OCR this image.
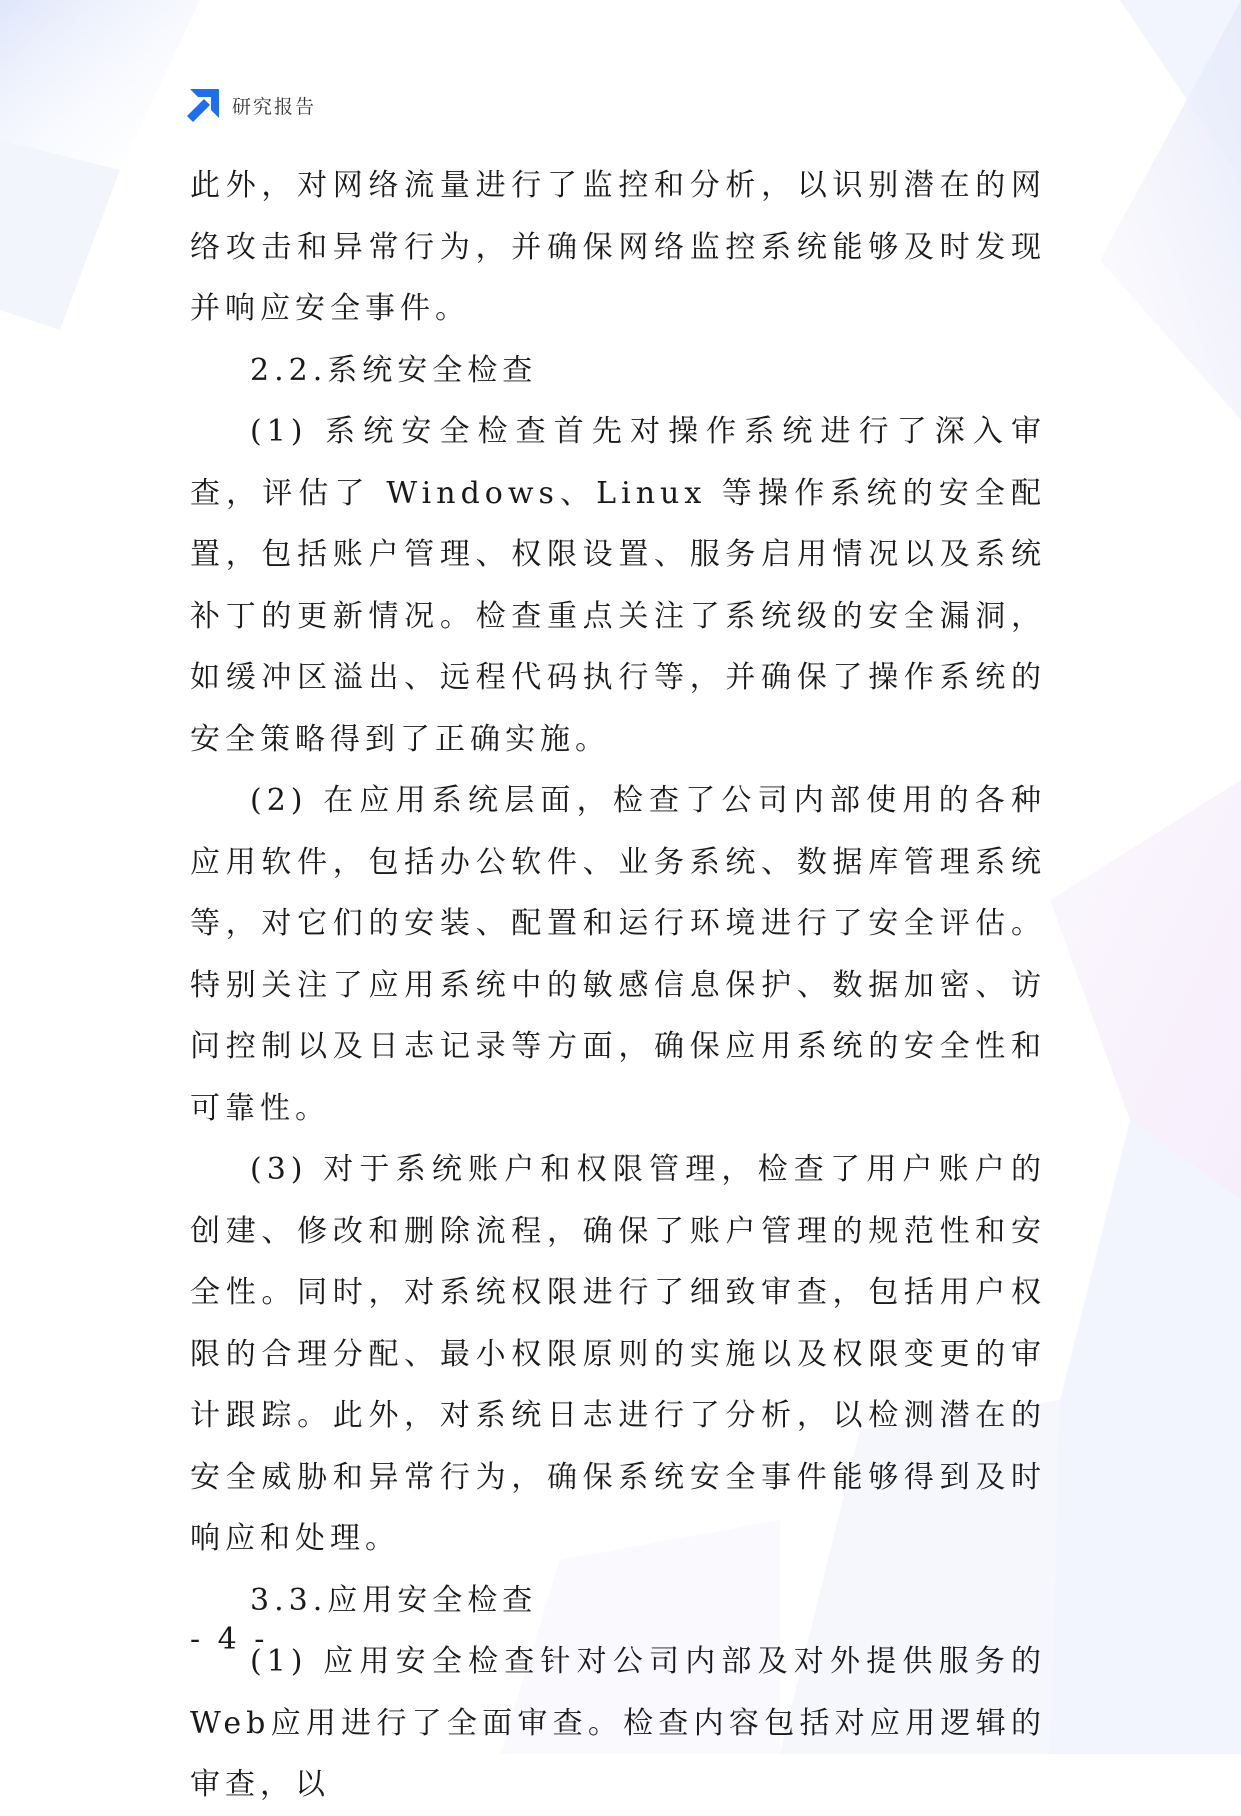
研究报告

此外，对网络流量进行了监控和分析，以识别潜在的网络攻击和异常行为，并确保网络监控系统能够及时发现并响应安全事件。

2.2.系统安全检查

(1) 系统安全检查首先对操作系统进行了深入审查，评估了 Windows、Linux 等操作系统的安全配置，包括账户管理、权限设置、服务启用情况以及系统补丁的更新情况。检查重点关注了系统级的安全漏洞，如缓冲区溢出、远程代码执行等，并确保了操作系统的安全策略得到了正确实施。

(2) 在应用系统层面，检查了公司内部使用的各种应用软件，包括办公软件、业务系统、数据库管理系统等，对它们的安装、配置和运行环境进行了安全评估。特别关注了应用系统中的敏感信息保护、数据加密、访问控制以及日志记录等方面，确保应用系统的安全性和可靠性。

(3) 对于系统账户和权限管理，检查了用户账户的创建、修改和删除流程，确保了账户管理的规范性和安全性。同时，对系统权限进行了细致审查，包括用户权限的合理分配、最小权限原则的实施以及权限变更的审计跟踪。此外，对系统日志进行了分析，以检测潜在的安全威胁和异常行为，确保系统安全事件能够得到及时响应和处理。

3.3.应用安全检查

(1) 应用安全检查针对公司内部及对外提供服务的Web应用进行了全面审查。检查内容包括对应用逻辑的审查，以

- 4 -
